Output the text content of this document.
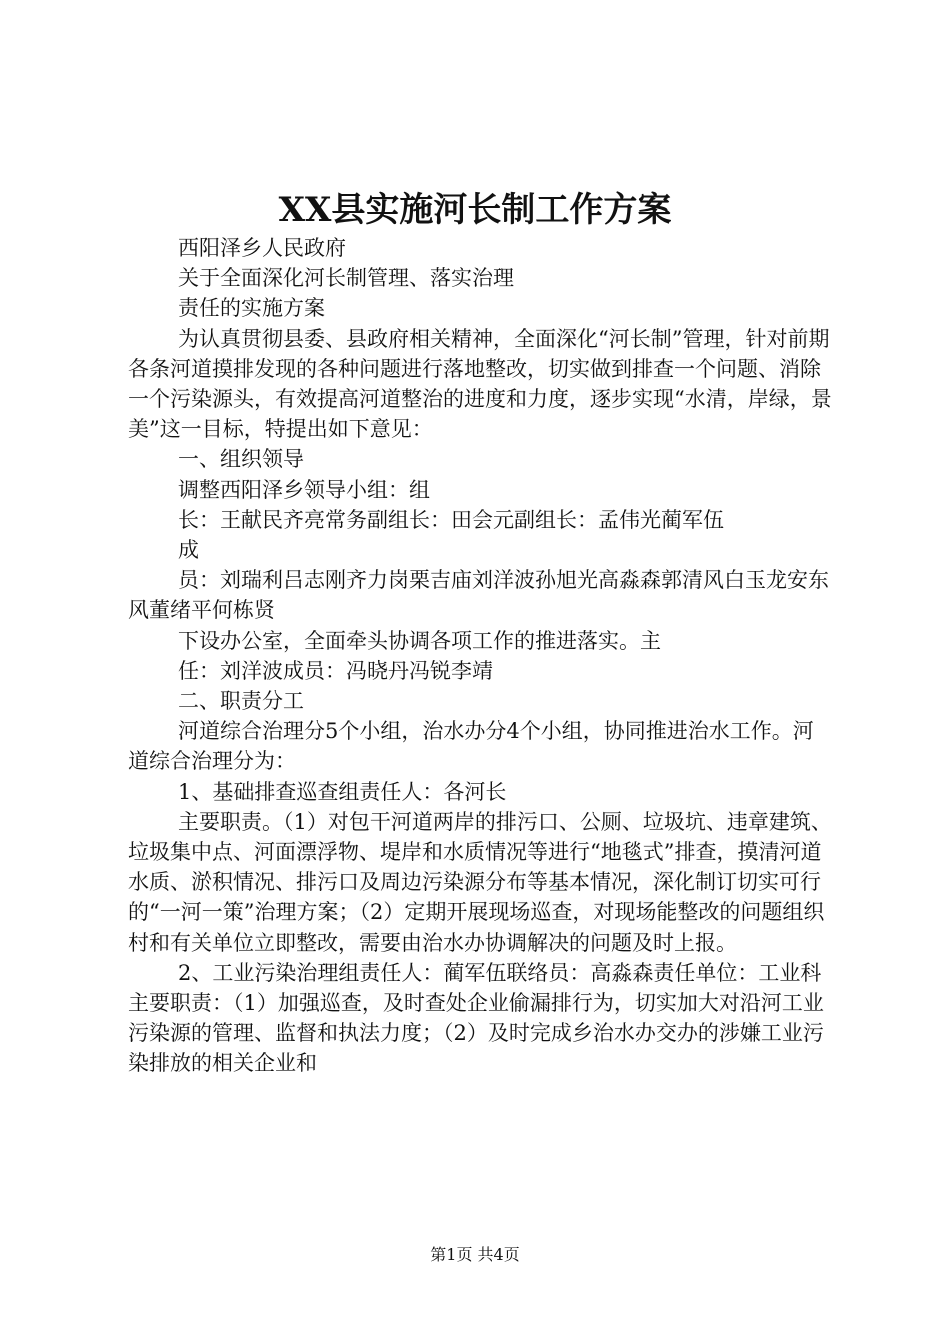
XX县实施河长制工作方案

西阳泽乡人民政府

关于全面深化河长制管理、落实治理

责任的实施方案

为认真贯彻县委、县政府相关精神，全面深化“河长制”管理，针对前期各条河道摸排发现的各种问题进行落地整改，切实做到排查一个问题、消除一个污染源头，有效提高河道整治的进度和力度，逐步实现“水清，岸绿，景美”这一目标，特提出如下意见：

一、组织领导

调整西阳泽乡领导小组：组

长：王献民齐亮常务副组长：田会元副组长：孟伟光蔺军伍

成

员：刘瑞利吕志刚齐力岗栗吉庙刘洋波孙旭光高淼森郭清风白玉龙安东风董绪平何栋贤

下设办公室，全面牵头协调各项工作的推进落实。主

任：刘洋波成员：冯晓丹冯锐李靖

二、职责分工

河道综合治理分5个小组，治水办分4个小组，协同推进治水工作。河道综合治理分为：

1、基础排查巡查组责任人：各河长

主要职责。（1）对包干河道两岸的排污口、公厕、垃圾坑、违章建筑、垃圾集中点、河面漂浮物、堤岸和水质情况等进行“地毯式”排查，摸清河道水质、淤积情况、排污口及周边污染源分布等基本情况，深化制订切实可行的“一河一策”治理方案；（2）定期开展现场巡查，对现场能整改的问题组织村和有关单位立即整改，需要由治水办协调解决的问题及时上报。

2、工业污染治理组责任人：蔺军伍联络员：高淼森责任单位：工业科主要职责：（1）加强巡查，及时查处企业偷漏排行为，切实加大对沿河工业污染源的管理、监督和执法力度；（2）及时完成乡治水办交办的涉嫌工业污染排放的相关企业和

第1页 共4页
